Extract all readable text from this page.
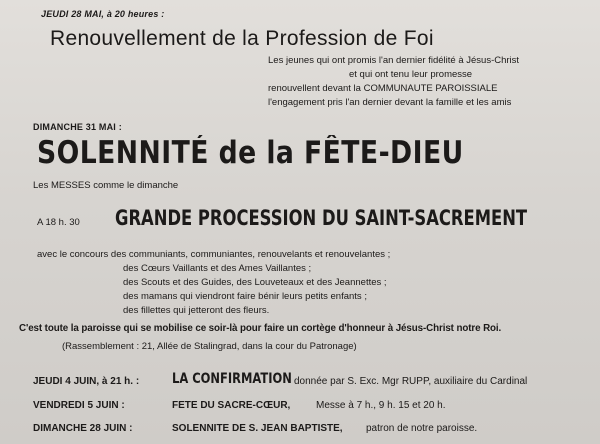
JEUDI 28 MAI, à 20 heures :
Renouvellement de la Profession de Foi
Les jeunes qui ont promis l'an dernier fidélité à Jésus-Christ
et qui ont tenu leur promesse
renouvellent devant la COMMUNAUTE PAROISSIALE
l'engagement pris l'an dernier devant la famille et les amis
DIMANCHE 31 MAI :
SOLENNITÉ de la FÊTE-DIEU
Les MESSES comme le dimanche
A 18 h. 30 GRANDE PROCESSION DU SAINT-SACREMENT
avec le concours des communiants, communiantes, renouvelants et renouvelantes ;
des Cœurs Vaillants et des Ames Vaillantes ;
des Scouts et des Guides, des Louveteaux et des Jeannettes ;
des mamans qui viendront faire bénir leurs petits enfants ;
des fillettes qui jetteront des fleurs.
C'est toute la paroisse qui se mobilise ce soir-là pour faire un cortège d'honneur à Jésus-Christ notre Roi.
(Rassemblement : 21, Allée de Stalingrad, dans la cour du Patronage)
JEUDI 4 JUIN, à 21 h. : LA CONFIRMATION donnée par S. Exc. Mgr RUPP, auxiliaire du Cardinal
VENDREDI 5 JUIN :	FETE DU SACRE-CŒUR,	Messe à 7 h., 9 h. 15 et 20 h.
DIMANCHE 28 JUIN :	SOLENNITE DE S. JEAN BAPTISTE, patron de notre paroisse.
